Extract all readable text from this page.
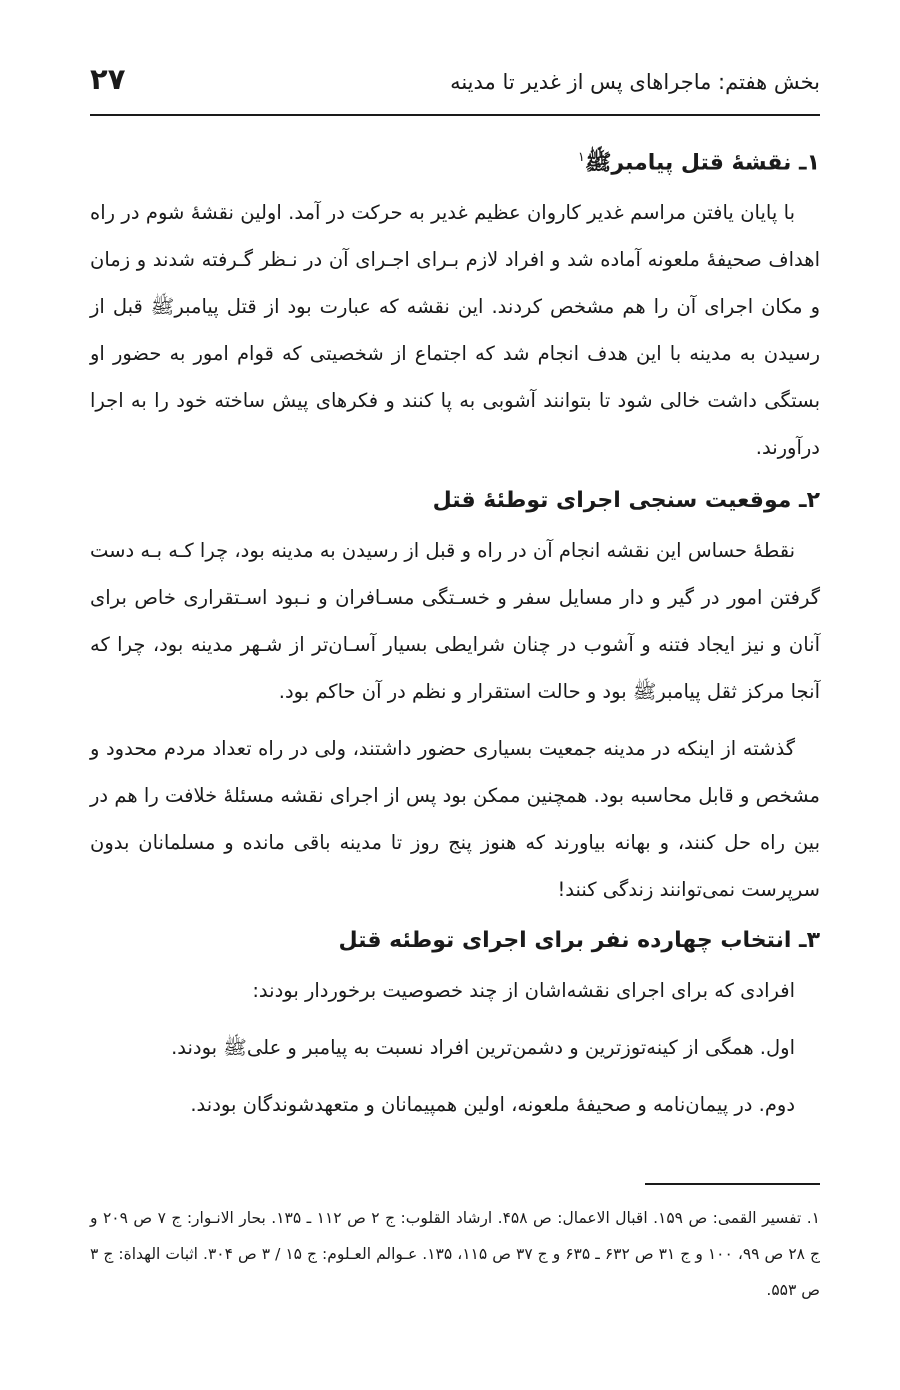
بخش هفتم: ماجراهای پس از غدیر تا مدینه
۲۷
۱ـ نقشهٔ قتل پیامبرﷺ$^۱$

با پایان یافتن مراسم غدیر کاروان عظیم غدیر به حرکت در آمد. اولین نقشهٔ شوم در راه اهداف صحیفهٔ ملعونه آماده شد و افراد لازم بـرای اجـرای آن در نـظر گـرفته شدند و زمان و مکان اجرای آن را هم مشخص کردند. این نقشه که عبارت بود از قتل پیامبرﷺ قبل از رسیدن به مدینه با این هدف انجام شد که اجتماع از شخصیتی که قوام امور به حضور او بستگی داشت خالی شود تا بتوانند آشوبی به پا کنند و فکرهای پیش ساخته خود را به اجرا درآورند.

۲ـ موقعیت سنجی اجرای توطئهٔ قتل

نقطهٔ حساس این نقشه انجام آن در راه و قبل از رسیدن به مدینه بود، چرا کـه بـه دست گرفتن امور در گیر و دار مسایل سفر و خسـتگی مسـافران و نـبود اسـتقراری خاص برای آنان و نیز ایجاد فتنه و آشوب در چنان شرایطی بسیار آسـان‌تر از شـهر مدینه بود، چرا که آنجا مرکز ثقل پیامبرﷺ بود و حالت استقرار و نظم در آن حاکم بود.

گذشته از اینکه در مدینه جمعیت بسیاری حضور داشتند، ولی در راه تعداد مردم محدود و مشخص و قابل محاسبه بود. همچنین ممکن بود پس از اجرای نقشه مسئلهٔ خلافت را هم در بین راه حل کنند، و بهانه بیاورند که هنوز پنج روز تا مدینه باقی مانده و مسلمانان بدون سرپرست نمی‌توانند زندگی کنند!

۳ـ انتخاب چهارده نفر برای اجرای توطئه قتل

افرادی که برای اجرای نقشه‌اشان از چند خصوصیت برخوردار بودند:

اول. همگی از کینه‌توزترین و دشمن‌ترین افراد نسبت به پیامبر و علیﷺ بودند.

دوم. در پیمان‌نامه و صحیفهٔ ملعونه، اولین همپیمانان و متعهدشوندگان بودند.

۱. تفسیر القمی: ص ۱۵۹. اقبال الاعمال: ص ۴۵۸. ارشاد القلوب: ج ۲ ص ۱۱۲ ـ ۱۳۵. بحار الانـوار: ج ۷ ص ۲۰۹ و ج ۲۸ ص ۹۹، ۱۰۰ و ج ۳۱ ص ۶۳۲ ـ ۶۳۵ و ج ۳۷ ص ۱۱۵، ۱۳۵. عـوالم العـلوم: ج ۱۵ / ۳ ص ۳۰۴. اثبات الهداة: ج ۳ ص ۵۵۳.
